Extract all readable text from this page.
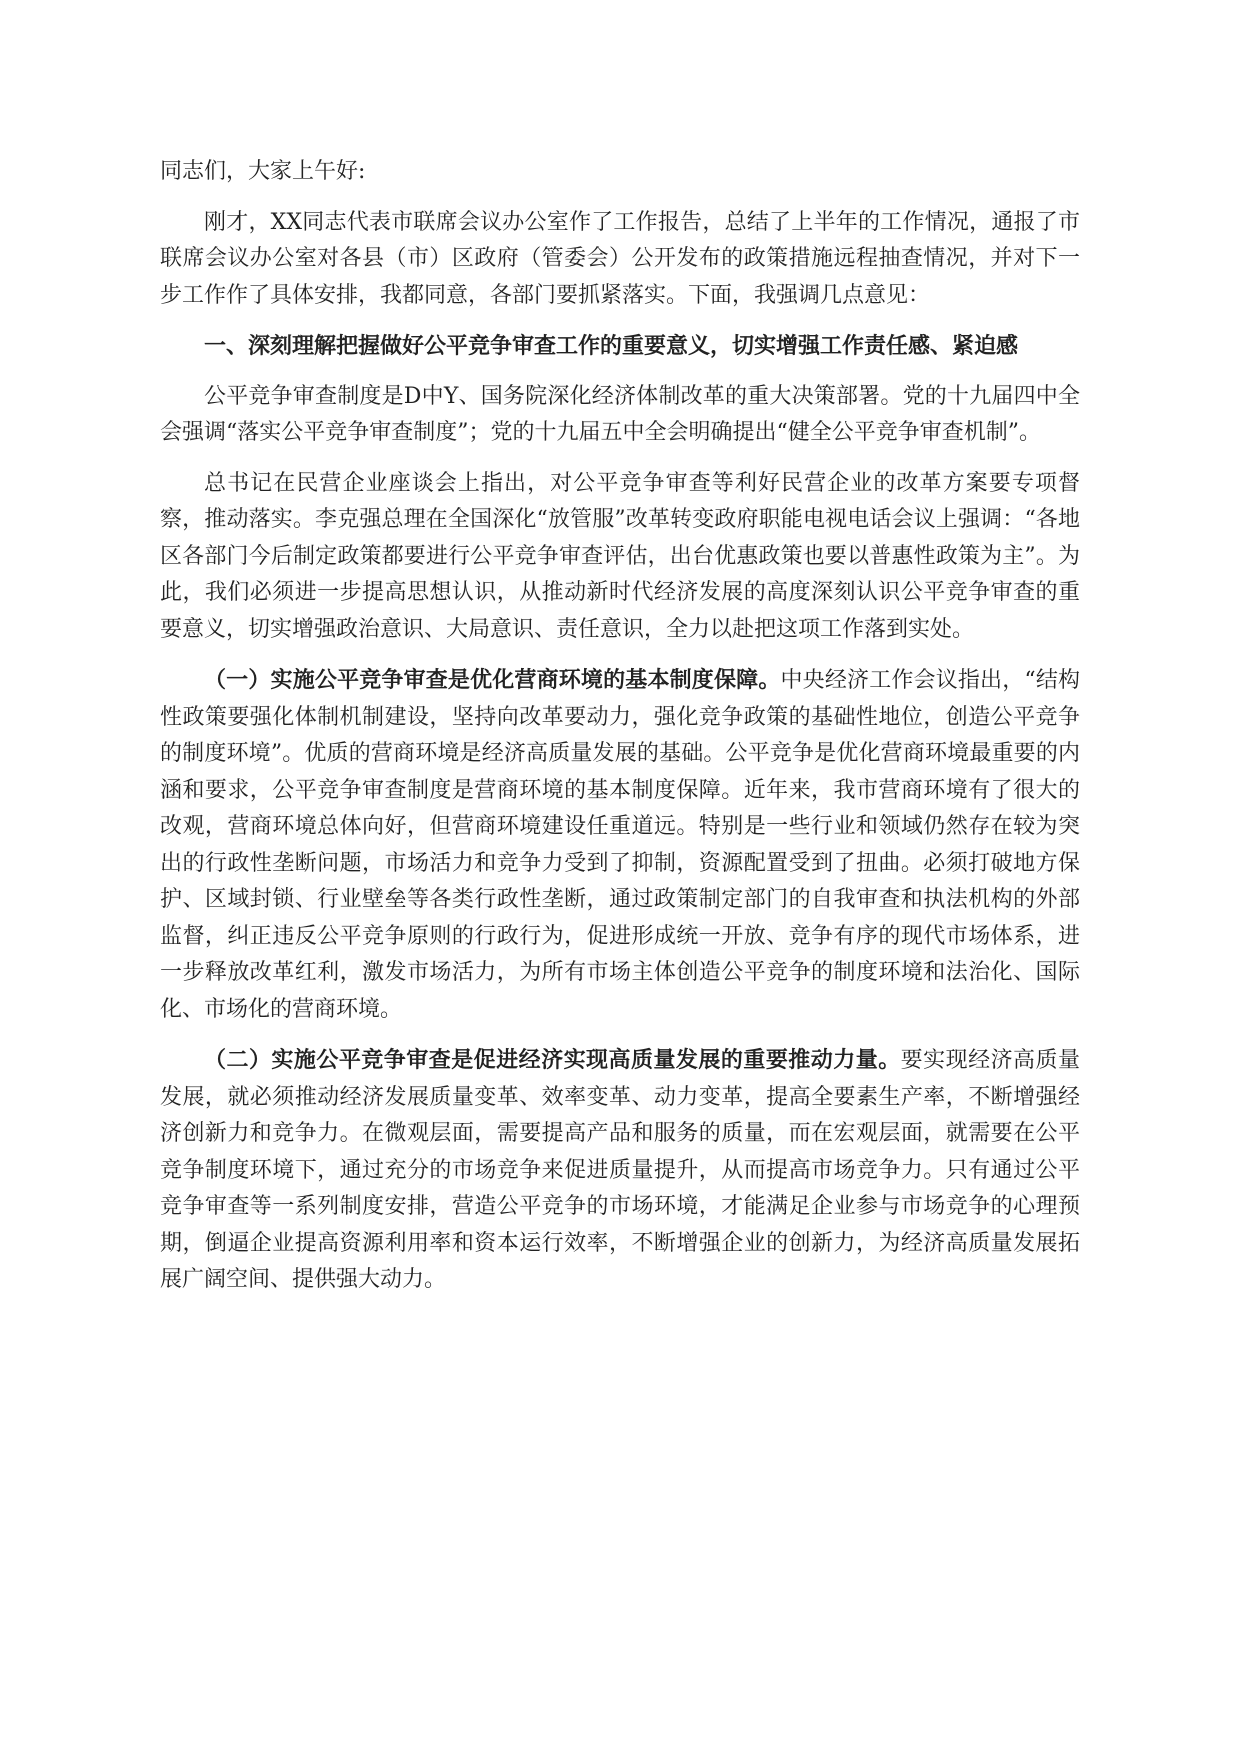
同志们，大家上午好:

刚才，XX同志代表市联席会议办公室作了工作报告，总结了上半年的工作情况，通报了市联席会议办公室对各县（市）区政府（管委会）公开发布的政策措施远程抽查情况，并对下一步工作作了具体安排，我都同意，各部门要抓紧落实。下面，我强调几点意见：

一、深刻理解把握做好公平竞争审查工作的重要意义，切实增强工作责任感、紧迫感

公平竞争审查制度是D中Y、国务院深化经济体制改革的重大决策部署。党的十九届四中全会强调“落实公平竞争审查制度”；党的十九届五中全会明确提出“健全公平竞争审查机制”。

总书记在民营企业座谈会上指出，对公平竞争审查等利好民营企业的改革方案要专项督察，推动落实。李克强总理在全国深化“放管服”改革转变政府职能电视电话会议上强调：“各地区各部门今后制定政策都要进行公平竞争审查评估，出台优惠政策也要以普惠性政策为主”。为此，我们必须进一步提高思想认识，从推动新时代经济发展的高度深刻认识公平竞争审查的重要意义，切实增强政治意识、大局意识、责任意识，全力以赴把这项工作落到实处。

（一）实施公平竞争审查是优化营商环境的基本制度保障。中央经济工作会议指出，“结构性政策要强化体制机制建设，坚持向改革要动力，强化竞争政策的基础性地位，创造公平竞争的制度环境”。优质的营商环境是经济高质量发展的基础。公平竞争是优化营商环境最重要的内涵和要求，公平竞争审查制度是营商环境的基本制度保障。近年来，我市营商环境有了很大的改观，营商环境总体向好，但营商环境建设任重道远。特别是一些行业和领域仍然存在较为突出的行政性垄断问题，市场活力和竞争力受到了抑制，资源配置受到了扭曲。必须打破地方保护、区域封锁、行业壁垒等各类行政性垄断，通过政策制定部门的自我审查和执法机构的外部监督，纠正违反公平竞争原则的行政行为，促进形成统一开放、竞争有序的现代市场体系，进一步释放改革红利，激发市场活力，为所有市场主体创造公平竞争的制度环境和法治化、国际化、市场化的营商环境。

（二）实施公平竞争审查是促进经济实现高质量发展的重要推动力量。要实现经济高质量发展，就必须推动经济发展质量变革、效率变革、动力变革，提高全要素生产率，不断增强经济创新力和竞争力。在微观层面，需要提高产品和服务的质量，而在宏观层面，就需要在公平竞争制度环境下，通过充分的市场竞争来促进质量提升，从而提高市场竞争力。只有通过公平竞争审查等一系列制度安排，营造公平竞争的市场环境，才能满足企业参与市场竞争的心理预期，倒逼企业提高资源利用率和资本运行效率，不断增强企业的创新力，为经济高质量发展拓展广阔空间、提供强大动力。
